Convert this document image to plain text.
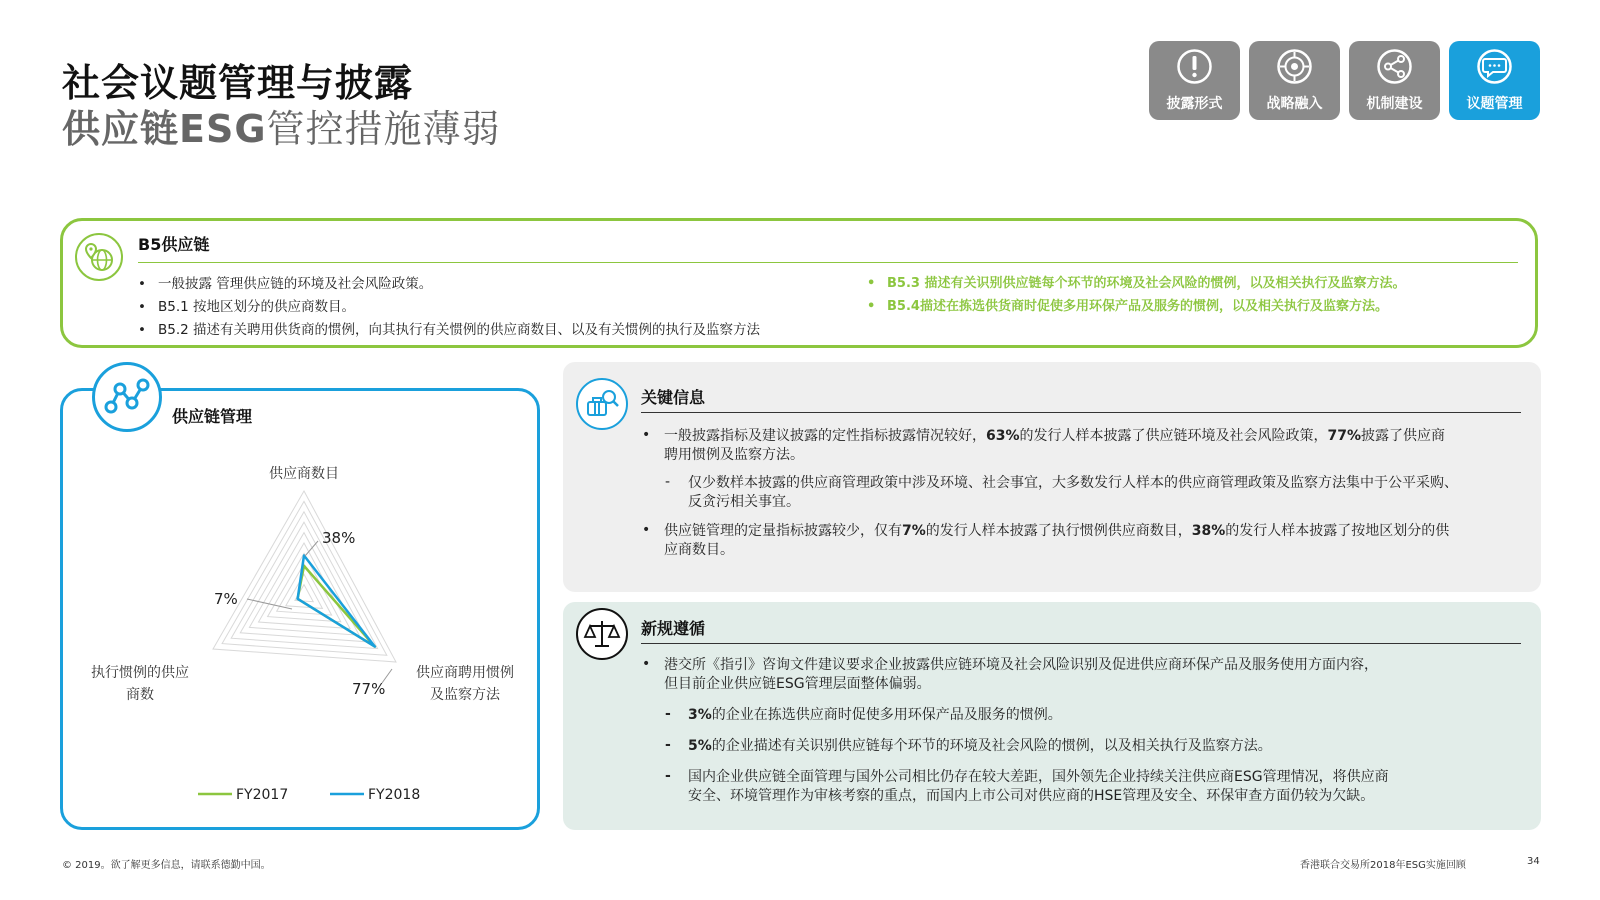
社会议题管理与披露
供应链ESG管控措施薄弱
披露形式	战略融入	机制建设	议题管理
B5供应链
• 一般披露 管理供应链的环境及社会风险政策。
• B5.1 按地区划分的供应商数目。
• B5.2 描述有关聘用供货商的惯例，向其执行有关惯例的供应商数目、以及有关惯例的执行及监察方法
• B5.3 描述有关识别供应链每个环节的环境及社会风险的惯例，以及相关执行及监察方法。
• B5.4描述在拣选供货商时促使多用环保产品及服务的惯例，以及相关执行及监察方法。
供应链管理
供应商数目
执行惯例的供应
商数
供应商聘用惯例
及监察方法
38%
7%
77%
FY2017	FY2018
关键信息
• 一般披露指标及建议披露的定性指标披露情况较好，63%的发行人样本披露了供应链环境及社会风险政策，77%披露了供应商
聘用惯例及监察方法。
- 仅少数样本披露的供应商管理政策中涉及环境、社会事宜，大多数发行人样本的供应商管理政策及监察方法集中于公平采购、
反贪污相关事宜。
• 供应链管理的定量指标披露较少，仅有7%的发行人样本披露了执行惯例供应商数目，38%的发行人样本披露了按地区划分的供
应商数目。
新规遵循
• 港交所《指引》咨询文件建议要求企业披露供应链环境及社会风险识别及促进供应商环保产品及服务使用方面内容，
但目前企业供应链ESG管理层面整体偏弱。
- 3%的企业在拣选供应商时促使多用环保产品及服务的惯例。
- 5%的企业描述有关识别供应链每个环节的环境及社会风险的惯例，以及相关执行及监察方法。
- 国内企业供应链全面管理与国外公司相比仍存在较大差距，国外领先企业持续关注供应商ESG管理情况，将供应商
安全、环境管理作为审核考察的重点，而国内上市公司对供应商的HSE管理及安全、环保审查方面仍较为欠缺。
© 2019。欲了解更多信息，请联系德勤中国。	香港联合交易所2018年ESG实施回顾	34
